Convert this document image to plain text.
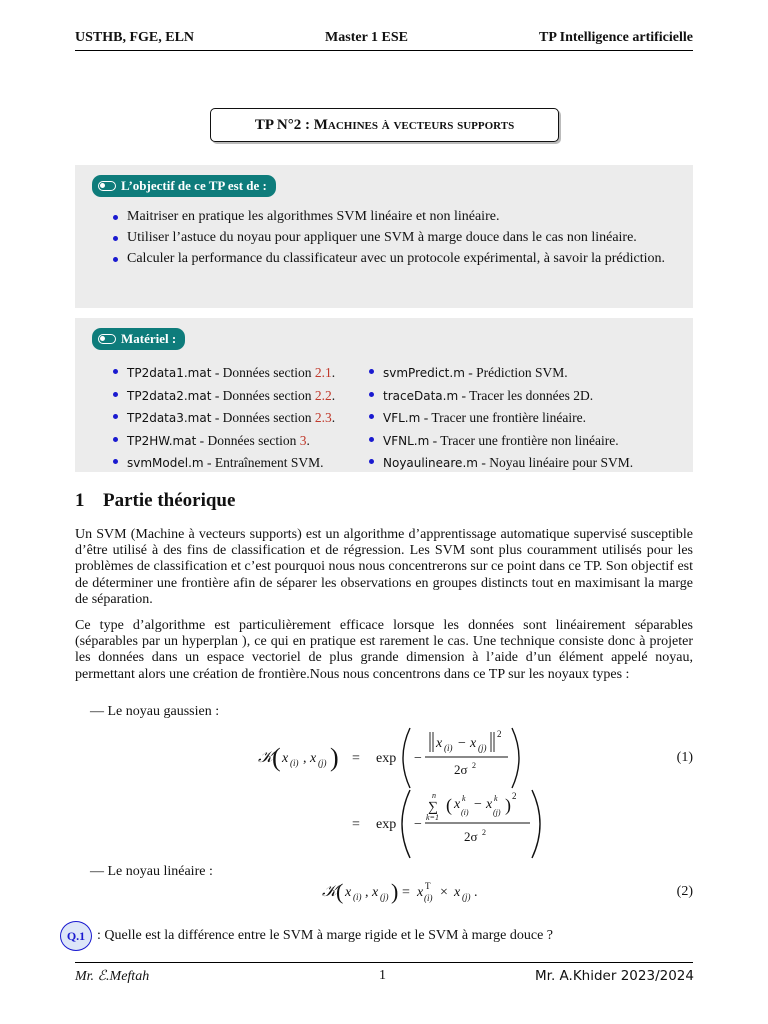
USTHB, FGE, ELN	Master 1 ESE	TP Intelligence artificielle
TP N°2 : Machines à vecteurs supports
L’objectif de ce TP est de :
Maitriser en pratique les algorithmes SVM linéaire et non linéaire.
Utiliser l’astuce du noyau pour appliquer une SVM à marge douce dans le cas non linéaire.
Calculer la performance du classificateur avec un protocole expérimental, à savoir la prédiction.
Matériel :
TP2data1.mat - Données section 2.1.
TP2data2.mat - Données section 2.2.
TP2data3.mat - Données section 2.3.
TP2HW.mat - Données section 3.
svmModel.m - Entraînement SVM.
svmPredict.m - Prédiction SVM.
traceData.m - Tracer les données 2D.
VFL.m - Tracer une frontière linéaire.
VFNL.m - Tracer une frontière non linéaire.
Noyaulineare.m - Noyau linéaire pour SVM.
1 Partie théorique
Un SVM (Machine à vecteurs supports) est un algorithme d’apprentissage automatique supervisé susceptible d’être utilisé à des fins de classification et de régression. Les SVM sont plus couramment utilisés pour les problèmes de classification et c’est pourquoi nous nous concentrerons sur ce point dans ce TP. Son objectif est de déterminer une frontière afin de séparer les observations en groupes distincts tout en maximisant la marge de séparation.
Ce type d’algorithme est particulièrement efficace lorsque les données sont linéairement séparables (séparables par un hyperplan ), ce qui en pratique est rarement le cas. Une technique consiste donc à projeter les données dans un espace vectoriel de plus grande dimension à l’aide d’un élément appelé noyau, permettant alors une création de frontière.Nous nous concentrons dans ce TP sur les noyaux types :
— Le noyau gaussien :
𝒦 ( x (i) , x (j) ) = exp −
x (i) − x (j)
2
2σ 2
= exp −
n
∑
k=1
( x k
(i)
− x k
(j) ) 2
2σ 2
(1)
— Le noyau linéaire :
𝒦 ( x (i) , x (j) ) = x T
(i) × x (j) .	(2)
Q.1 : Quelle est la différence entre le SVM à marge rigide et le SVM à marge douce ?
Mr. ℰ.Meftah	1	Mr. A.Khider 2023/2024
